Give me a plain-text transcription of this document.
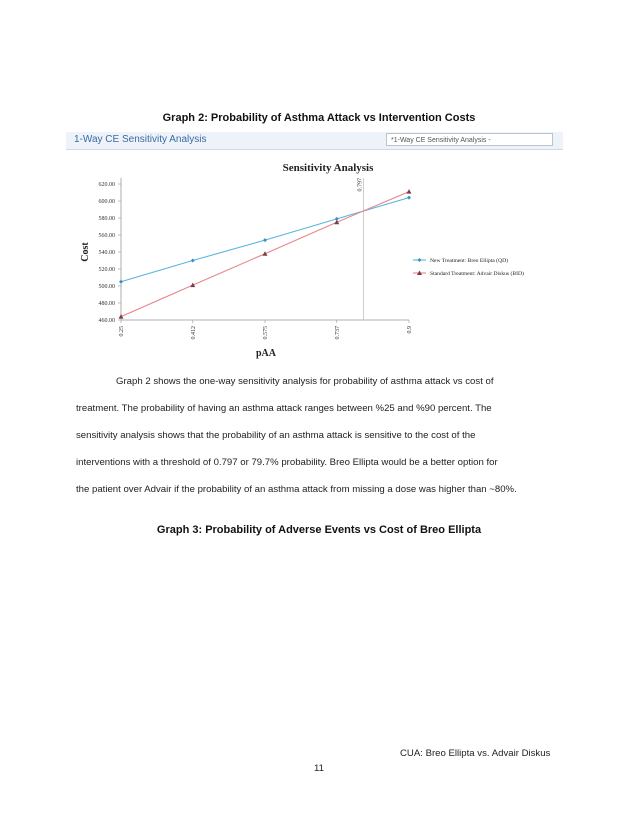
Graph 2: Probability of Asthma Attack vs Intervention Costs
Sensitivity Analysis
460.00
480.00
500.00
520.00
540.00
560.00
580.00
600.00
620.00
0.25	0.412	0.575	0.737	0.9
0.797
pAA
Cost	New Treatment: Breo Ellipta (QD)
Standard Treatment: Advair Diskus (BID)
1-Way CE Sensitivity Analysis	*1-Way CE Sensitivity Analysis -
Graph 2 shows the one-way sensitivity analysis for probability of asthma attack vs cost of
treatment. The probability of having an asthma attack ranges between %25 and %90 percent. The
sensitivity analysis shows that the probability of an asthma attack is sensitive to the cost of the
interventions with a threshold of 0.797 or 79.7% probability. Breo Ellipta would be a better option for
the patient over Advair if the probability of an asthma attack from missing a dose was higher than ~80%.
Graph 3: Probability of Adverse Events vs Cost of Breo Ellipta
CUA: Breo Ellipta vs. Advair Diskus
11
